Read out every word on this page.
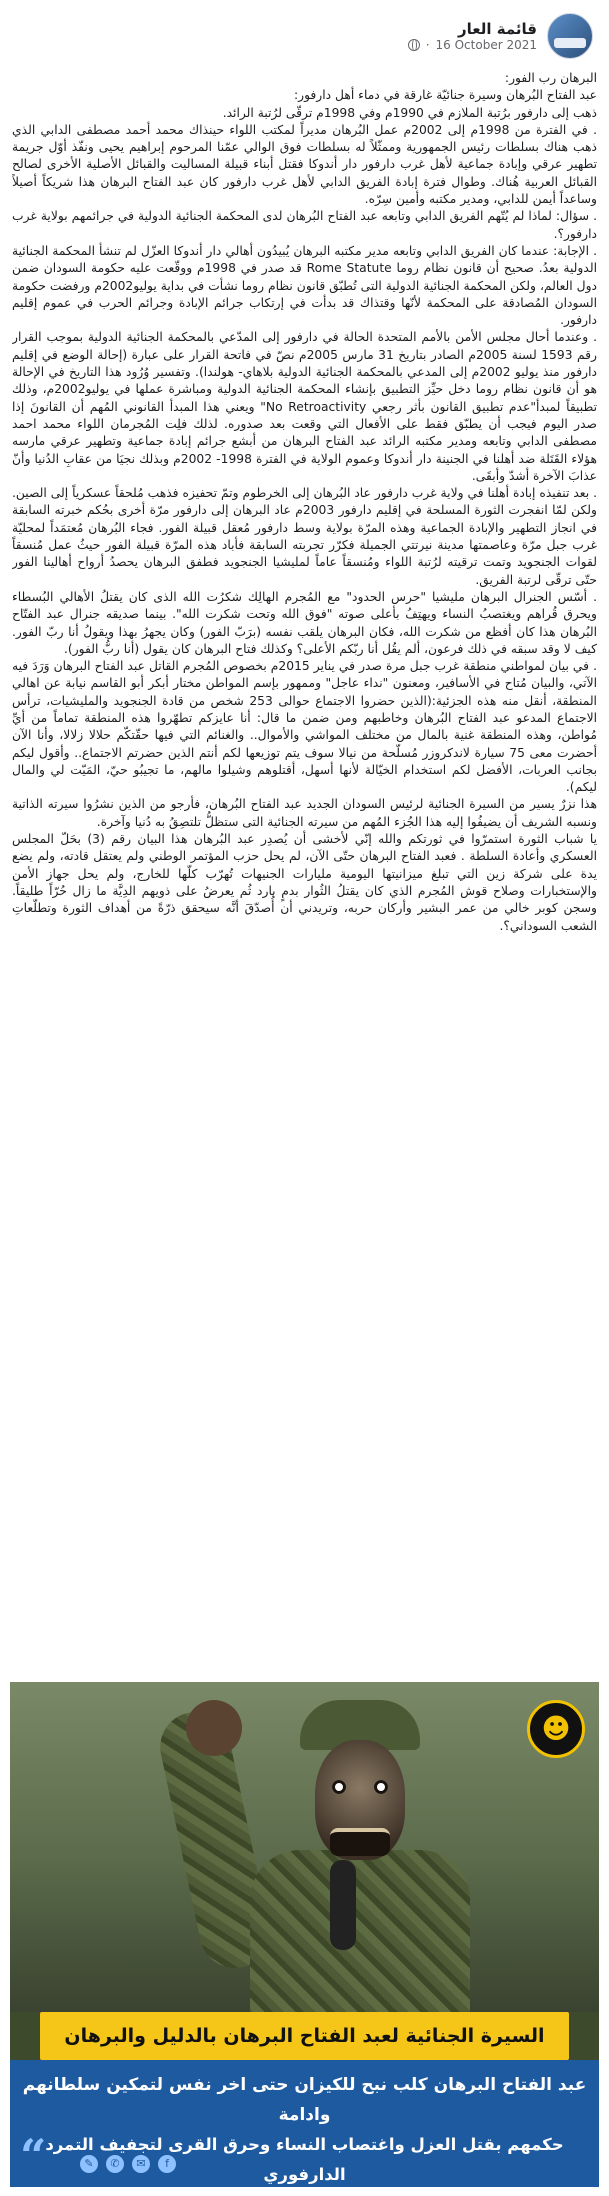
قائمة العار
16 October 2021
·

البرهان رب الفور:

عبد الفتاح البُرهان وسيرة جنائيّة غارقة في دماء أهل دارفور:

ذهب إلى دارفور برُتبة الملازم في 1990م وفي 1998م ترقّى لرُتبة الرائد.

. في الفترة من 1998م إلى 2002م عمل البُرهان مديراً لمكتب اللواء حينذاك محمد أحمد مصطفى الدابي الذي ذهب هناك بسلطات رئيس الجمهورية وممثّلاً له بسلطات فوق الوالي عمّنا المرحوم إبراهيم يحيى ونفّذ أوّل جريمة تطهير عرقي وإبادة جماعية لأهل غرب دارفور دار أندوكا فقتل أبناء قبيلة المساليت والقبائل الأصلية الأخرى لصالح القبائل العربية هُناك. وطوال فترة إبادة الفريق الدابي لأهل غرب دارفور كان عبد الفتاح البرهان هذا شريكاً أصيلاً وساعداً أيمن للدابي، ومدير مكتبه وأمين سِرّه.

. سؤال: لماذا لم يُتّهم الفريق الدابي وتابعه عبد الفتاح البُرهان لدى المحكمة الجنائية الدولية في جرائمهم بولاية غرب دارفور؟.

. الإجابة: عندما كان الفريق الدابي وتابعه مدير مكتبه البرهان يُبيدُون أهالي دار أندوكا العزّل لم تنشأ المحكمة الجنائية الدولية بعدُ. صحيح أن قانون نظام روما Rome Statute قد صدر في 1998م ووقّعت عليه حكومة السودان ضمن دول العالم، ولكن المحكمة الجنائية الدولية التى تُطبّق قانون نظام روما نشأت في بداية يوليو2002م ورفضت حكومة السودان المُصادقة على المحكمة لأنّها وقتذاك قد بدأت في إرتكاب جرائم الإبادة وجرائم الحرب في عموم إقليم دارفور.

. وعندما أحال مجلس الأمن بالأمم المتحدة الحالة في دارفور إلى المدّعي بالمحكمة الجنائية الدولية بموجب القرار رقم 1593 لسنة 2005م الصادر بتاريخ 31 مارس 2005م نصّ في فاتحة القرار على عبارة (إحالة الوضع في إقليم دارفور منذ يوليو 2002م إلى المدعي بالمحكمة الجنائية الدولية بلاهاي- هولندا). وتفسير وُرُود هذا التاريخ في الإحالة هو أن قانون نظام روما دخل حيِّز التطبيق بإنشاء المحكمة الجنائية الدولية ومباشرة عملها في يوليو2002م، وذلك تطبيقاً لمبدأ"عدم تطبيق القانون بأثر رجعي No Retroactivity" ويعني هذا المبدأ القانوني المُهم أن القانونَ إذا صدر اليوم فيجب أن يطبّق فقط على الأفعال التي وقعت بعد صدوره. لذلك فلِت المُجرمان اللواء محمد احمد مصطفى الدابي وتابعه ومدير مكتبه الرائد عبد الفتاح البرهان من أبشع جرائم إبادة جماعية وتطهير عرقي مارسه هؤلاء القَتَلة ضد أهلنا في الجنينة دار أندوكا وعموم الولاية في الفترة 1998- 2002م وبذلك نجيَا من عقابِ الدُنيا وأنّ عذابَ الآخرة أشدّ وأبقَى.

. بعد تنفيذه إبادة أهلنا في ولاية غرب دارفور عاد البُرهان إلى الخرطوم وتمّ تحفيزه فذهب مُلحقاً عسكرياً إلى الصين. ولكن لمّا انفجرت الثورة المسلحة في إقليم دارفور 2003م عاد البرهان إلى دارفور مرّة أخرى بحُكم خبرته السابقة في انجاز التطهير والإبادة الجماعية وهذه المرّة بولاية وسط دارفور مُعقل قبيلة الفور. فجاء البُرهان مُعتمَداً لمحليّة غرب جبل مرّة وعاصمتها مدينة نيرتتي الجميلة فكرّر تجربته السابقة فأباد هذه المرّة قبيلة الفور حيثُ عمل مُنسقاً لقوات الجنجويد وتمت ترقيته لرُتبة اللواء ومُنسقاً عاماً لمليشيا الجنجويد فطفق البرهان يحصدُ أرواح أهالينا الفور حتّى ترقّى لرتبة الفريق.

. أسّس الجنرال البرهان مليشيا "حرس الحدود" مع المُجرم الهالِك شكرُت الله الذى كان يقتلُ الأهالي البُسطاء ويحرق قُراهم ويغتصبُ النساء ويهتِفُ بأعلى صوته "فوق الله وتحت شكرت الله". بينما صديقه جنرال عبد الفتّاح البُرهان هذا كان أفظع من شكرت الله، فكان البرهان يلقب نفسه (برَبّ الفور) وكان يجهرُ بهذا ويقولُ أنا ربّ الفور. كيف لا وقد سبقه في ذلك فرعون، ألم يقُل أنا ربّكم الأعلى؟ وكذلك فتاح البرهان كان يقول (أنا ربُّ الفور).

. في بيان لمواطني منطقة غرب جبل مرة صدر في يناير 2015م بخصوص المُجرم القاتل عبد الفتاح البرهان وَرَدَ فيه الآتي، والبيان مُتاح في الأسافير، ومعنون "نداء عاجل" وممهور بإسم المواطن مختار أبكر أبو القاسم نيابة عن اهالي المنطقة، أنقل منه هذه الجزئية:(الذين حضروا الاجتماع حوالى 253 شخص من قادة الجنجويد والمليشيات، ترأس الاجتماع المدعو عبد الفتاح البُرهان وخاطبهم ومن ضمن ما قال: أنا عايزكم تطهّروا هذه المنطقة تماماً من أيِّ مُواطن، وهذه المنطقة غنية بالمال من مختلف المواشي والأموال.. والغنائم التي فيها حقّتكّم حلالا زلالا، وأنا الآن أحضرت معى 75 سيارة لاندكروزر مُسلّحة من نيالا سوف يتم توزيعها لكم أنتم الذين حضرتم الاجتماع.. وأقول ليكم بجانب العربات، الأفضل لكم استخدام الخيّالة لأنها أسهل، أقتلوهم وشيلوا مالهم، ما تجيبُو حيّ، المَيّت لي والمال ليكم).

هذا نزرٌ يسير من السيرة الجنائية لرئيس السودان الجديد عبد الفتاح البُرهان، فأرجو من الذين نشرُوا سيرته الذاتية ونسبه الشريف أن يضيفُوا إليه هذا الجُزء المُهم من سيرته الجنائية التى ستظلُّ تلتصِقُ به دُنيا وآخرة.

يا شباب الثورة استمرّوا في ثورتكم والله إنّي لأخشى أن يُصدِر عبد البُرهان هذا البيان رقم (3) بحَلّ المجلس العسكري وأعادة السلطة . فعبد الفتاح البرهان حتّى الآن، لم يحل حزب المؤتمر الوطني ولم يعتقل قادته، ولم يضع يدة على شركة زين التي تبلغ ميزانيتها اليومية مليارات الجنيهات تُهرّب كلّها للخارج، ولم يحل جهاز الأمن والإستخبارات وصلاح قوش المُجرم الذي كان يقتلُ الثُوار بدمٍ بارد ثُم يعرضُ على ذويهم الدِيَّة ما زال حُرّاً طليقاً. وسجن كوبر خالي من عمر البشير وأركان حربه، وتريدني أن أُصدّقَ أنَّه سيحقق ذرّةً من أهداف الثورة وتطلّعاتِ الشعب السوداني؟.

☻
السيرة الجنائية لعبد الفتاح البرهان بالدليل والبرهان
عبد الفتاح البرهان كلب نبح للكيزان حتى اخر نفس لتمكين سلطانهم وادامة
حكمهم بقتل العزل واغتصاب النساء وحرق القرى لتجفيف التمرد الدارفوري
“	f
✉
✆
✎
